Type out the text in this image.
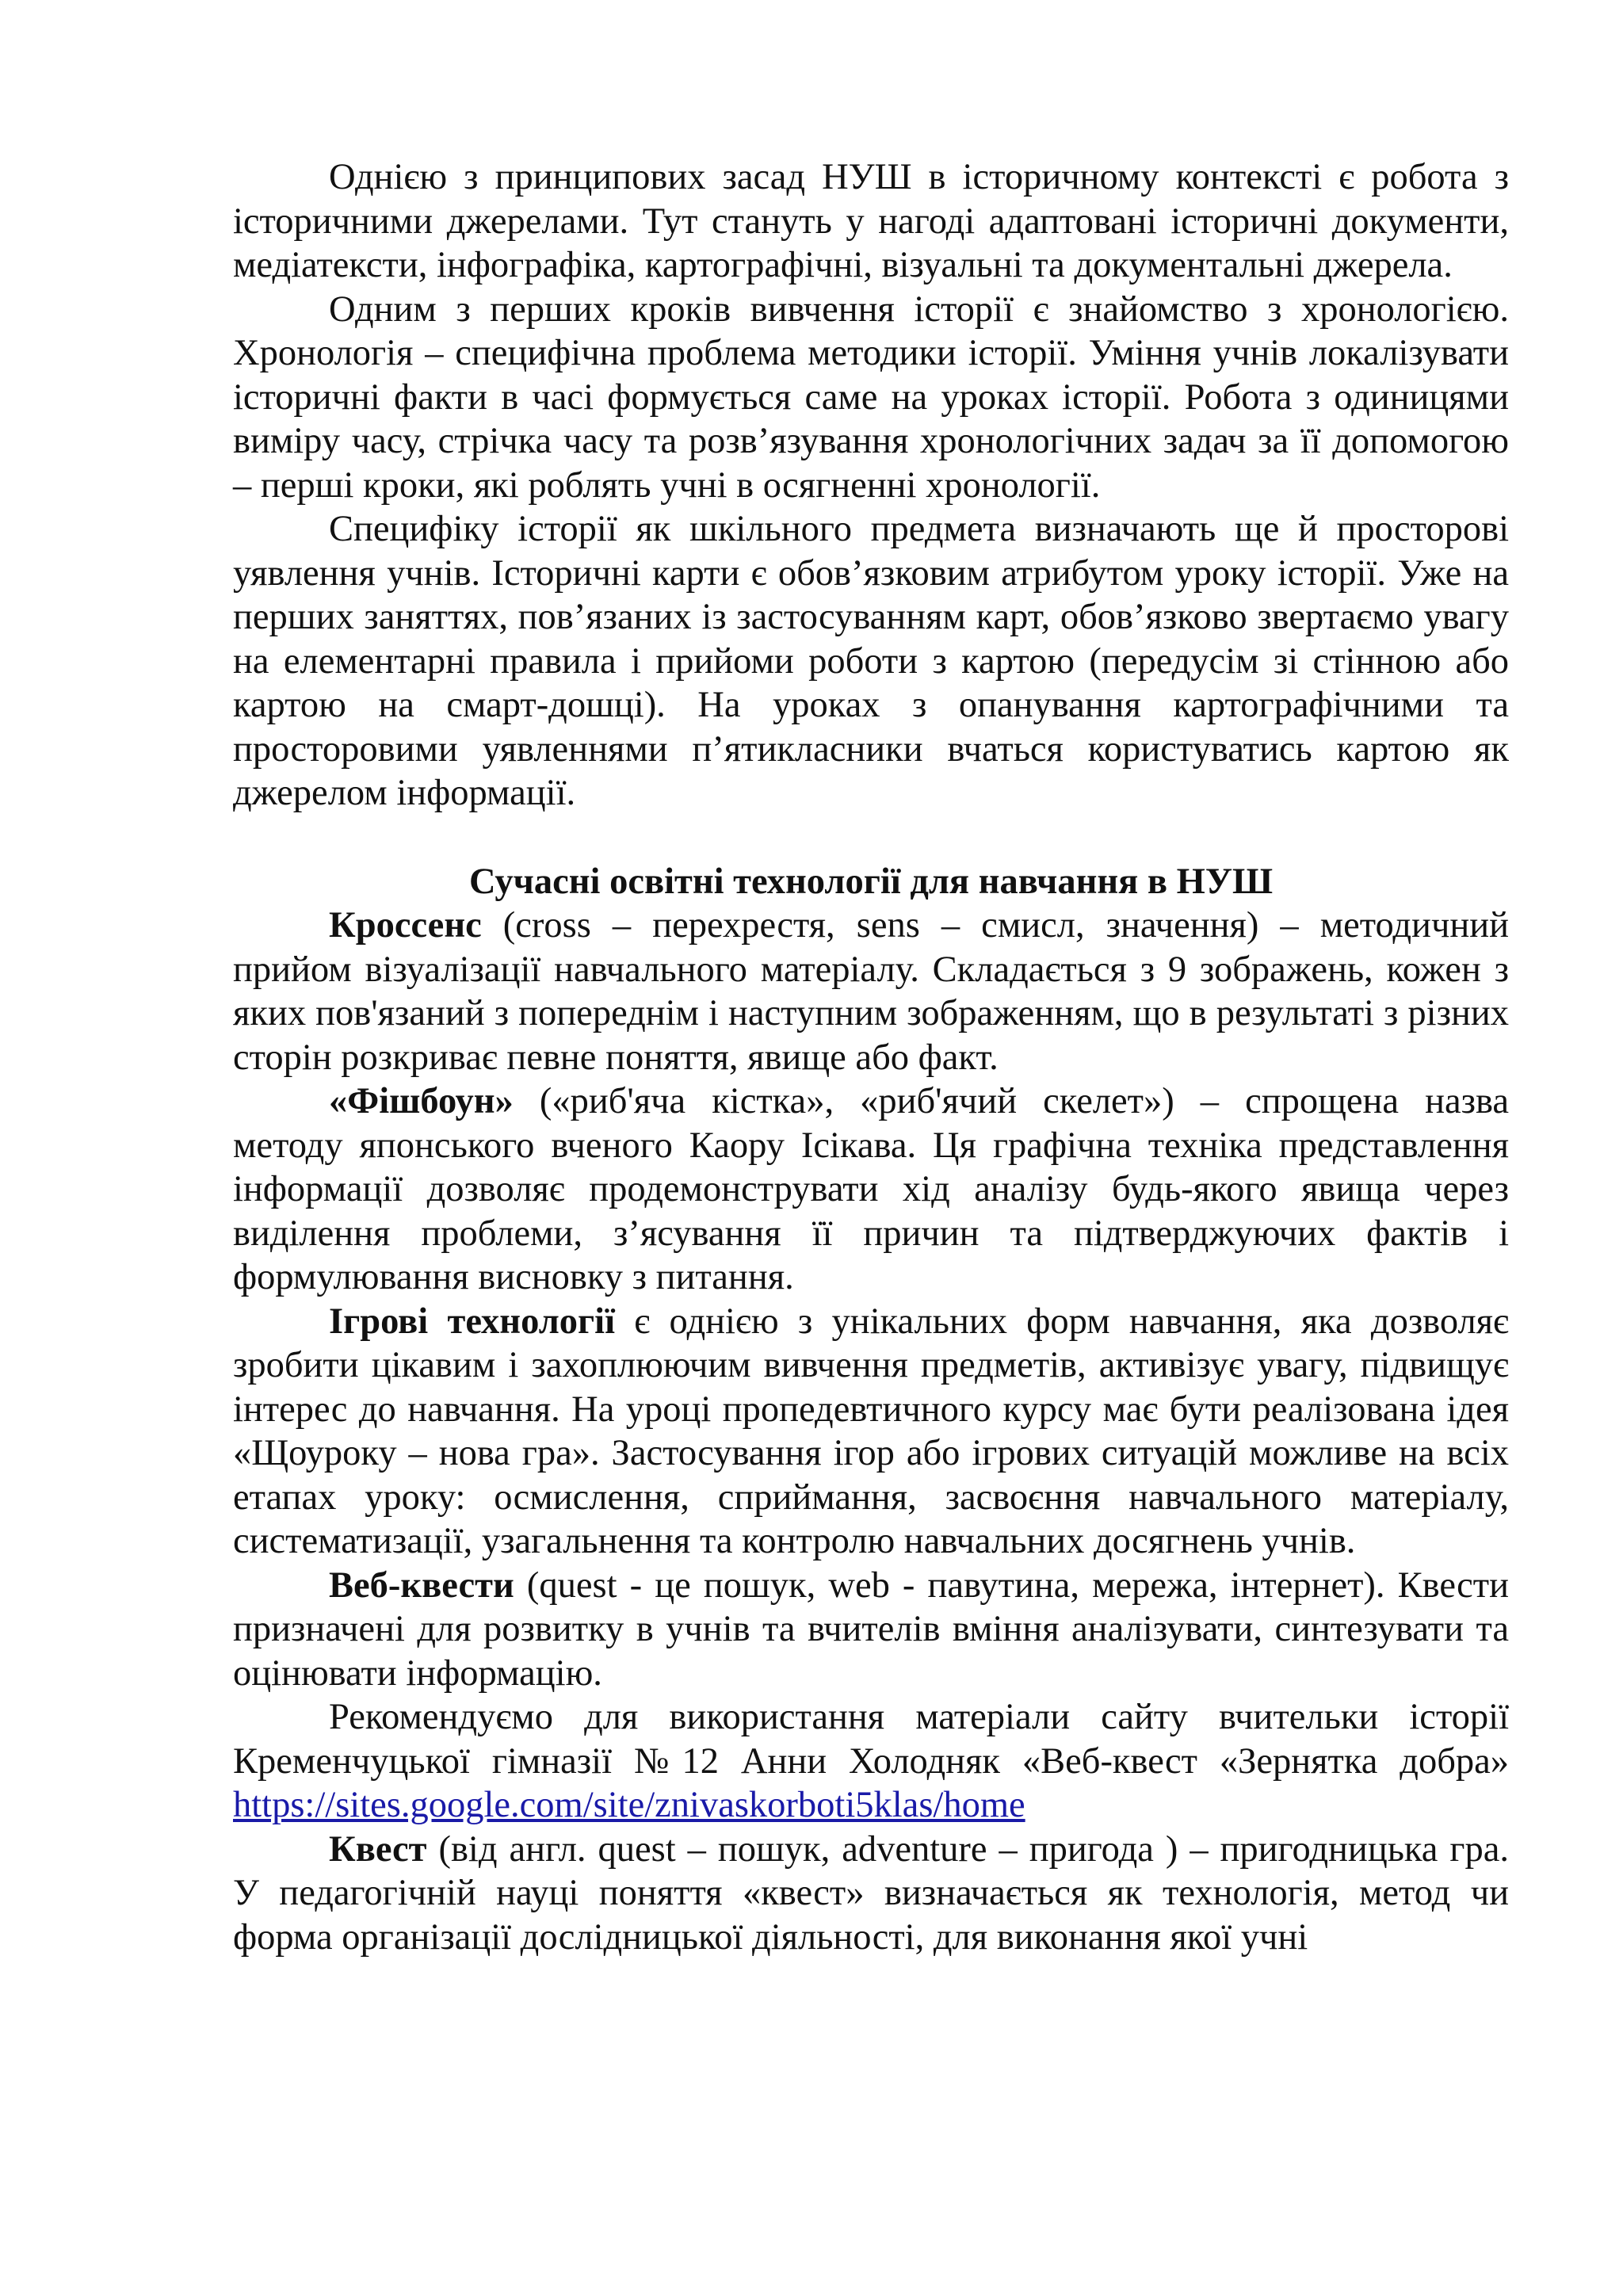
Однією з принципових засад НУШ в історичному контексті є робота з історичними джерелами. Тут стануть у нагоді адаптовані історичні документи, медіатексти, інфографіка, картографічні, візуальні та документальні джерела.

Одним з перших кроків вивчення історії є знайомство з хронологією. Хронологія – специфічна проблема методики історії. Уміння учнів локалізувати історичні факти в часі формується саме на уроках історії. Робота з одиницями виміру часу, стрічка часу та розв’язування хронологічних задач за її допомогою – перші кроки, які роблять учні в осягненні хронології.

Специфіку історії як шкільного предмета визначають ще й просторові уявлення учнів. Історичні карти є обов’язковим атрибутом уроку історії. Уже на перших заняттях, пов’язаних із застосуванням карт, обов’язково звертаємо увагу на елементарні правила і прийоми роботи з картою (передусім зі стінною або картою на смарт-дошці). На уроках з опанування картографічними та просторовими уявленнями п’ятикласники вчаться користуватись картою як джерелом інформації.

Сучасні освітні технології для навчання в НУШ

Кроссенс (cross – перехрестя, sens – смисл, значення) – методичний прийом візуалізації навчального матеріалу. Складається з 9 зображень, кожен з яких пов'язаний з попереднім і наступним зображенням, що в результаті з різних сторін розкриває певне поняття, явище або факт.

«Фішбоун» («риб'яча кістка», «риб'ячий скелет») – спрощена назва методу японського вченого Каору Ісікава. Ця графічна техніка представлення інформації дозволяє продемонструвати хід аналізу будь-якого явища через виділення проблеми, з’ясування її причин та підтверджуючих фактів і формулювання висновку з питання.

Ігрові технології є однією з унікальних форм навчання, яка дозволяє зробити цікавим і захоплюючим вивчення предметів, активізує увагу, підвищує інтерес до навчання. На уроці пропедевтичного курсу має бути реалізована ідея «Щоуроку – нова гра». Застосування ігор або ігрових ситуацій можливе на всіх етапах уроку: осмислення, сприймання, засвоєння навчального матеріалу, систематизації, узагальнення та контролю навчальних досягнень учнів.

Веб-квести (quest - це пошук, web - павутина, мережа, інтернет). Квести призначені для розвитку в учнів та вчителів вміння аналізувати, синтезувати та оцінювати інформацію.

Рекомендуємо для використання матеріали сайту вчительки історії Кременчуцької гімназії №12 Анни Холодняк «Веб-квест «Зернятка добра» https://sites.google.com/site/znivaskorboti5klas/home

Квест (від англ. quest – пошук, adventure – пригода ) – пригодницька гра. У педагогічній науці поняття «квест» визначається як технологія, метод чи форма організації дослідницької діяльності, для виконання якої учні
